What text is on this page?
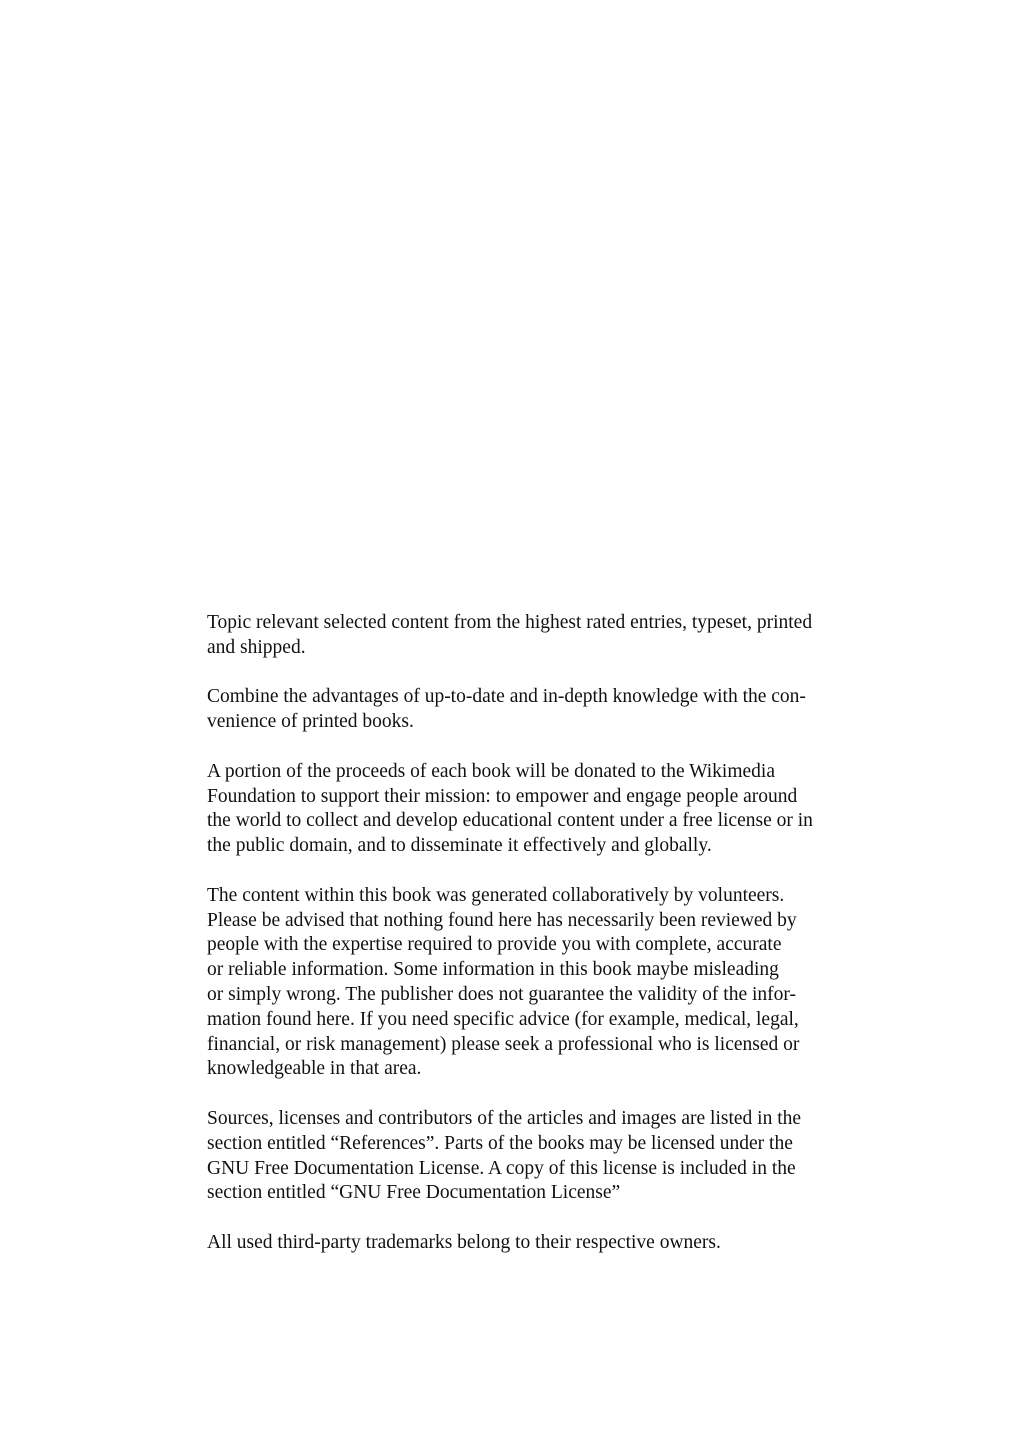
Topic relevant selected content from the highest rated entries, typeset, printed
and shipped.

Combine the advantages of up-to-date and in-depth knowledge with the con-
venience of printed books.

A portion of the proceeds of each book will be donated to the Wikimedia
Foundation to support their mission: to empower and engage people around
the world to collect and develop educational content under a free license or in
the public domain, and to disseminate it effectively and globally.

The content within this book was generated collaboratively by volunteers.
Please be advised that nothing found here has necessarily been reviewed by
people with the expertise required to provide you with complete, accurate
or reliable information. Some information in this book maybe misleading
or simply wrong. The publisher does not guarantee the validity of the infor-
mation found here. If you need specific advice (for example, medical, legal,
financial, or risk management) please seek a professional who is licensed or
knowledgeable in that area.

Sources, licenses and contributors of the articles and images are listed in the
section entitled “References”. Parts of the books may be licensed under the
GNU Free Documentation License. A copy of this license is included in the
section entitled “GNU Free Documentation License”

All used third-party trademarks belong to their respective owners.
